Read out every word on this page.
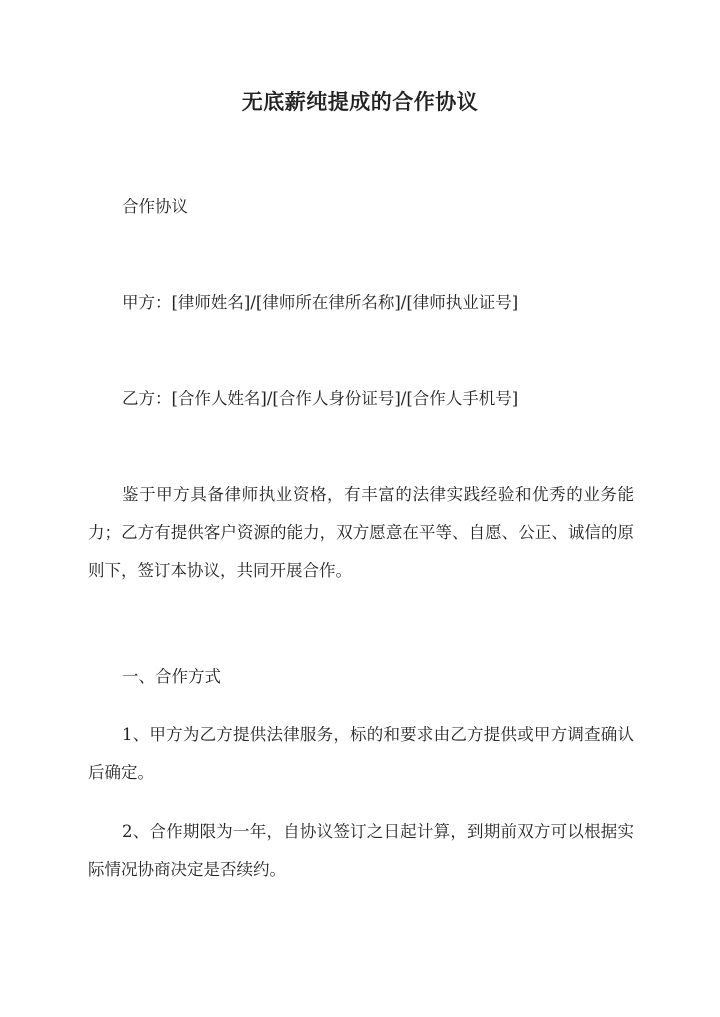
无底薪纯提成的合作协议

合作协议

甲方：[律师姓名]/[律师所在律所名称]/[律师执业证号]

乙方：[合作人姓名]/[合作人身份证号]/[合作人手机号]

鉴于甲方具备律师执业资格，有丰富的法律实践经验和优秀的业务能力；乙方有提供客户资源的能力，双方愿意在平等、自愿、公正、诚信的原则下，签订本协议，共同开展合作。

一、合作方式

1、甲方为乙方提供法律服务，标的和要求由乙方提供或甲方调查确认后确定。

2、合作期限为一年，自协议签订之日起计算，到期前双方可以根据实际情况协商决定是否续约。
